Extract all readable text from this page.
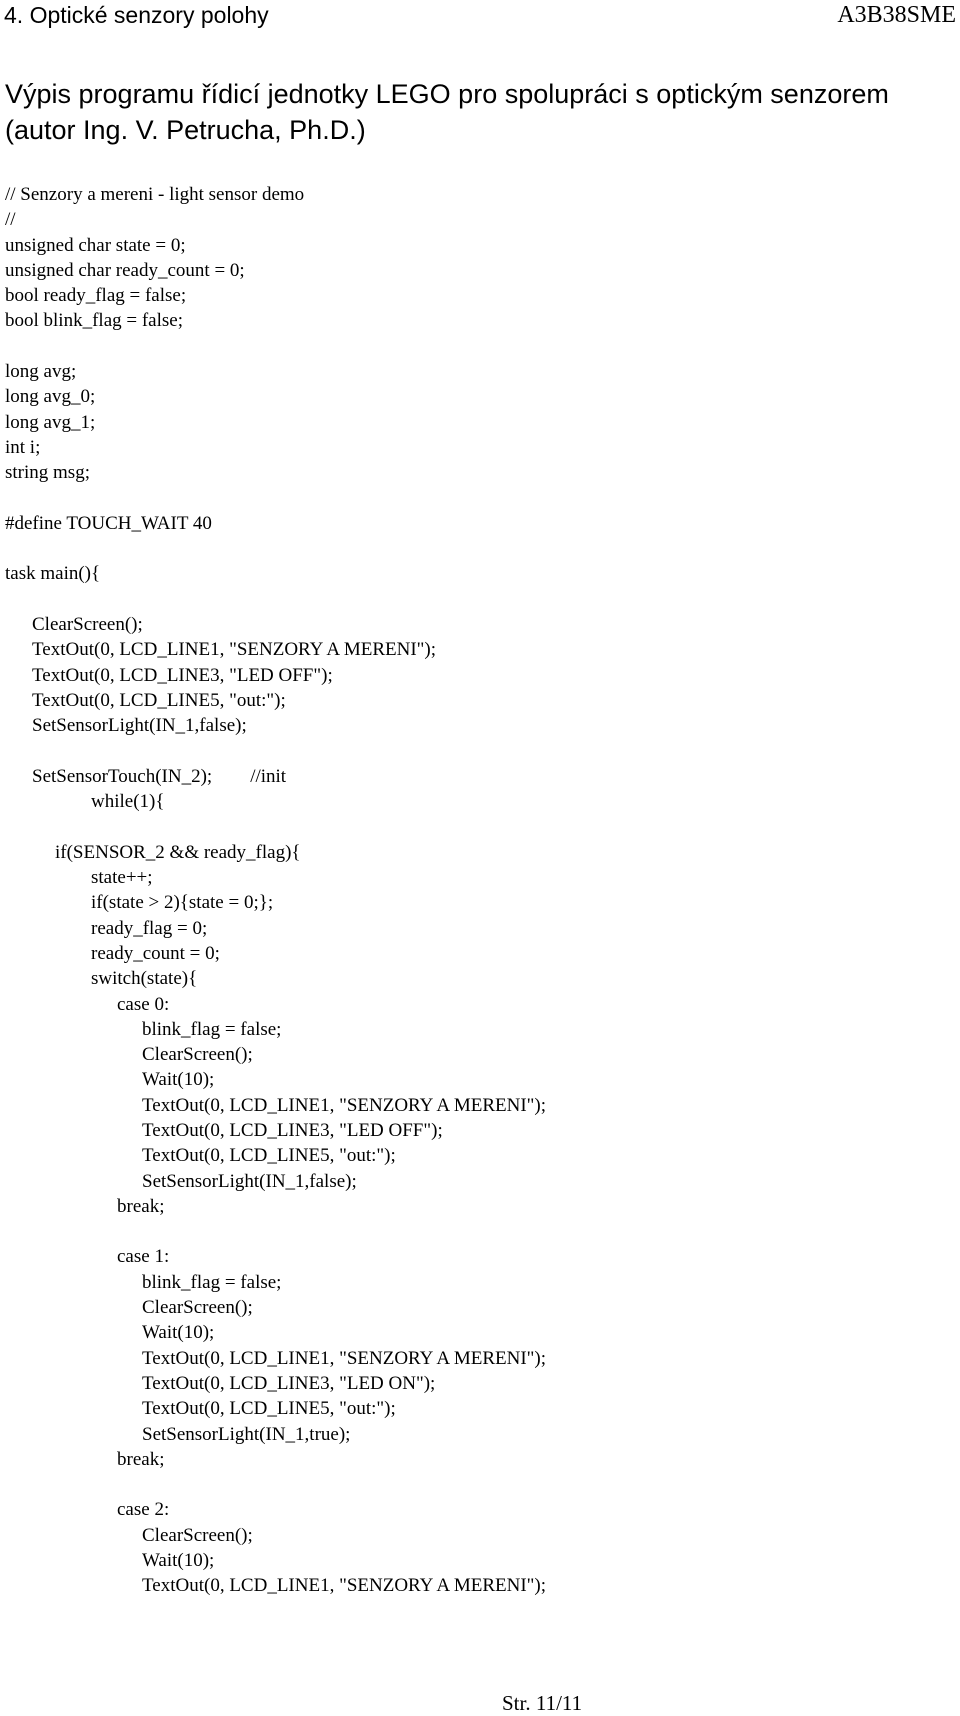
4. Optické senzory polohy	A3B38SME
Výpis programu řídicí jednotky LEGO pro spolupráci s optickým senzorem
(autor Ing. V. Petrucha, Ph.D.)
// Senzory a mereni - light sensor demo
//
unsigned char state = 0;
unsigned char ready_count = 0;
bool ready_flag = false;
bool blink_flag = false;
long avg;
long avg_0;
long avg_1;
int i;
string msg;
#define TOUCH_WAIT 40
task main(){
ClearScreen();
TextOut(0, LCD_LINE1, "SENZORY A MERENI");
TextOut(0, LCD_LINE3, "LED OFF");
TextOut(0, LCD_LINE5, "out:");
SetSensorLight(IN_1,false);
SetSensorTouch(IN_2);        //init
while(1){
if(SENSOR_2 && ready_flag){
state++;
if(state > 2){state = 0;};
ready_flag = 0;
ready_count = 0;
switch(state){
case 0:
blink_flag = false;
ClearScreen();
Wait(10);
TextOut(0, LCD_LINE1, "SENZORY A MERENI");
TextOut(0, LCD_LINE3, "LED OFF");
TextOut(0, LCD_LINE5, "out:");
SetSensorLight(IN_1,false);
break;
case 1:
blink_flag = false;
ClearScreen();
Wait(10);
TextOut(0, LCD_LINE1, "SENZORY A MERENI");
TextOut(0, LCD_LINE3, "LED ON");
TextOut(0, LCD_LINE5, "out:");
SetSensorLight(IN_1,true);
break;
case 2:
ClearScreen();
Wait(10);
TextOut(0, LCD_LINE1, "SENZORY A MERENI");
Str. 11/11
